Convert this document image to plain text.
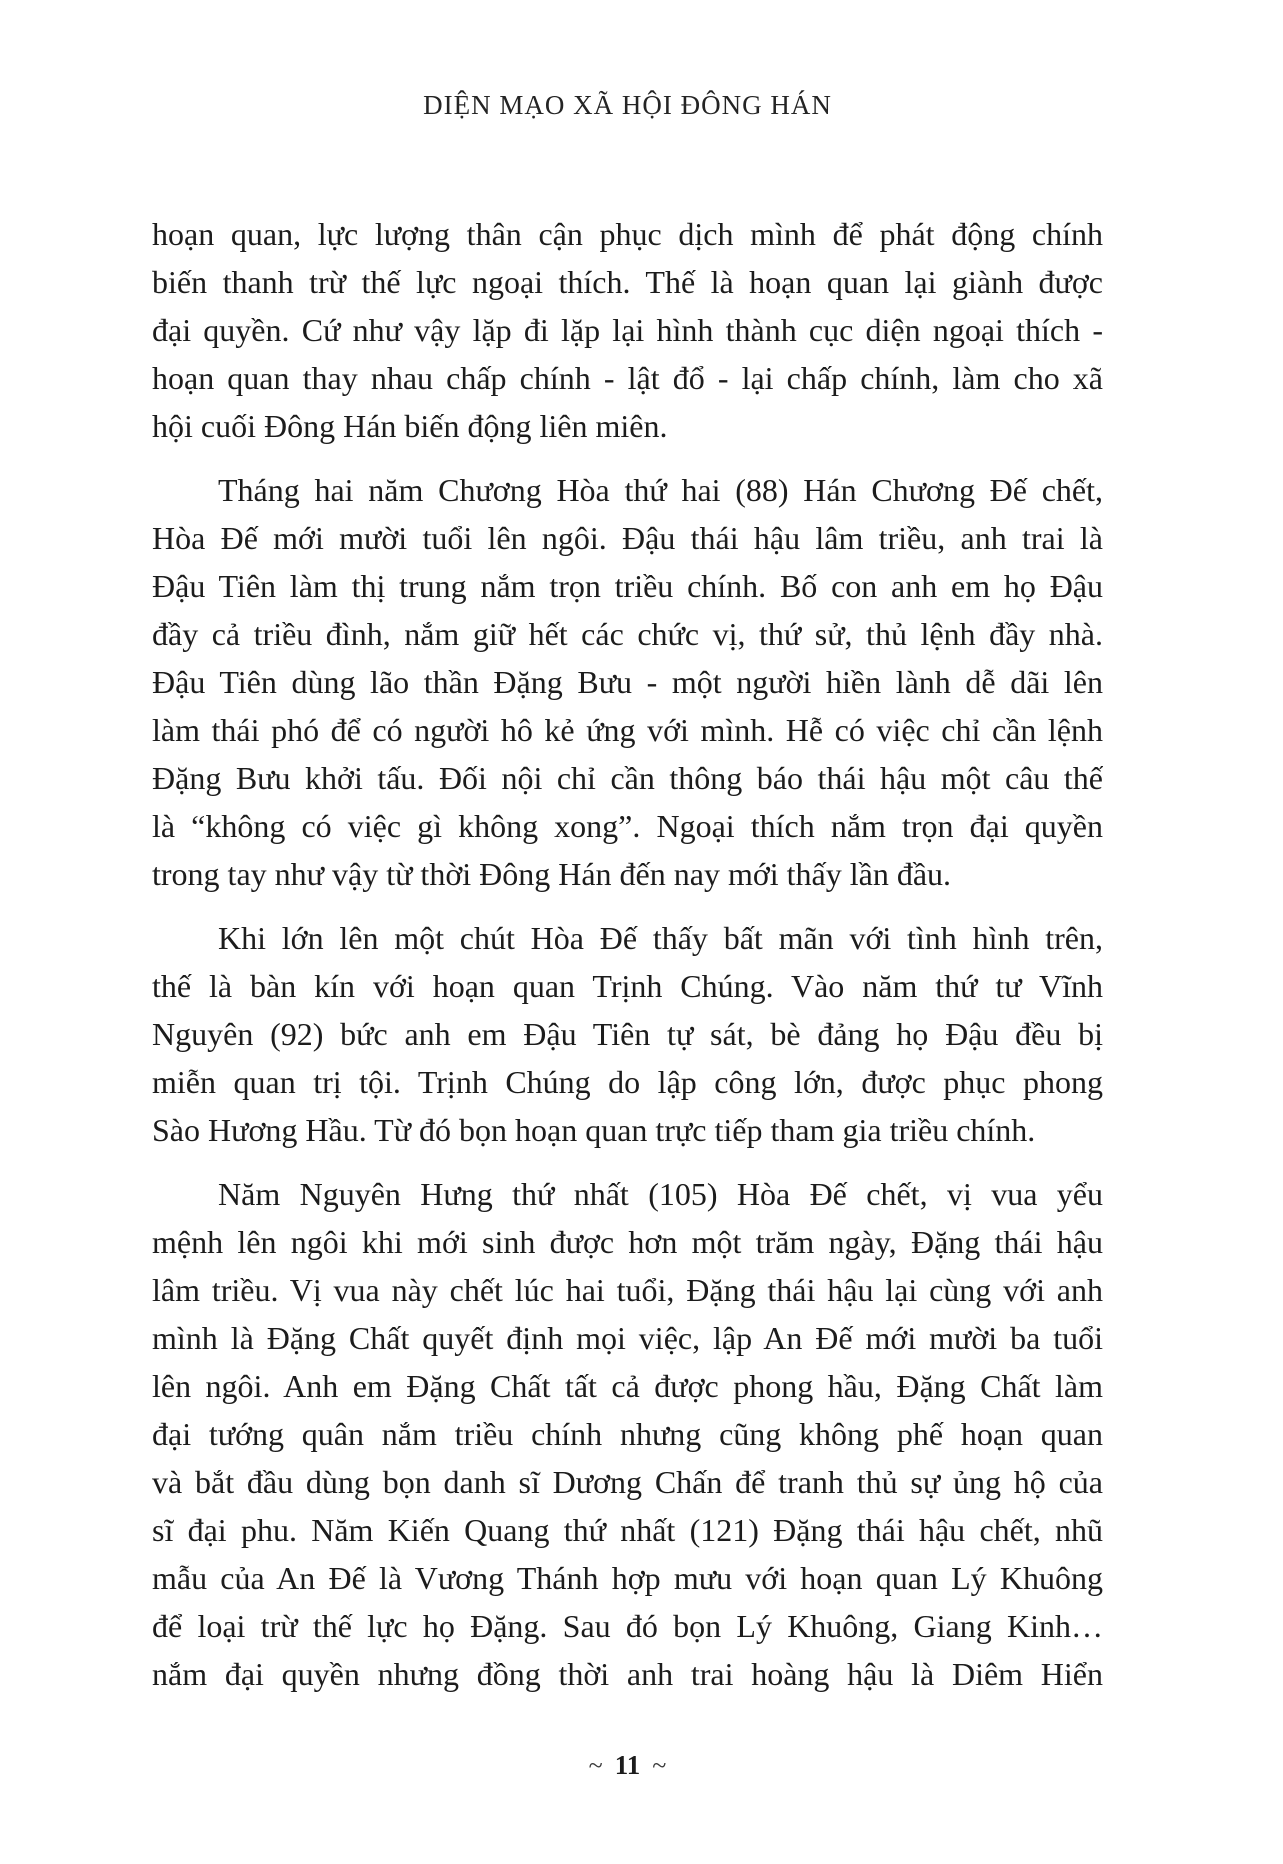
DIỆN MẠO XÃ HỘI ĐÔNG HÁN
hoạn quan, lực lượng thân cận phục dịch mình để phát động chính
biến thanh trừ thế lực ngoại thích. Thế là hoạn quan lại giành được
đại quyền. Cứ như vậy lặp đi lặp lại hình thành cục diện ngoại thích -
hoạn quan thay nhau chấp chính - lật đổ - lại chấp chính, làm cho xã
hội cuối Đông Hán biến động liên miên.
Tháng hai năm Chương Hòa thứ hai (88) Hán Chương Đế chết,
Hòa Đế mới mười tuổi lên ngôi. Đậu thái hậu lâm triều, anh trai là
Đậu Tiên làm thị trung nắm trọn triều chính. Bố con anh em họ Đậu
đầy cả triều đình, nắm giữ hết các chức vị, thứ sử, thủ lệnh đầy nhà.
Đậu Tiên dùng lão thần Đặng Bưu - một người hiền lành dễ dãi lên
làm thái phó để có người hô kẻ ứng với mình. Hễ có việc chỉ cần lệnh
Đặng Bưu khởi tấu. Đối nội chỉ cần thông báo thái hậu một câu thế
là “không có việc gì không xong”. Ngoại thích nắm trọn đại quyền
trong tay như vậy từ thời Đông Hán đến nay mới thấy lần đầu.
Khi lớn lên một chút Hòa Đế thấy bất mãn với tình hình trên,
thế là bàn kín với hoạn quan Trịnh Chúng. Vào năm thứ tư Vĩnh
Nguyên (92) bức anh em Đậu Tiên tự sát, bè đảng họ Đậu đều bị
miễn quan trị tội. Trịnh Chúng do lập công lớn, được phục phong
Sào Hương Hầu. Từ đó bọn hoạn quan trực tiếp tham gia triều chính.
Năm Nguyên Hưng thứ nhất (105) Hòa Đế chết, vị vua yểu
mệnh lên ngôi khi mới sinh được hơn một trăm ngày, Đặng thái hậu
lâm triều. Vị vua này chết lúc hai tuổi, Đặng thái hậu lại cùng với anh
mình là Đặng Chất quyết định mọi việc, lập An Đế mới mười ba tuổi
lên ngôi. Anh em Đặng Chất tất cả được phong hầu, Đặng Chất làm
đại tướng quân nắm triều chính nhưng cũng không phế hoạn quan
và bắt đầu dùng bọn danh sĩ Dương Chấn để tranh thủ sự ủng hộ của
sĩ đại phu. Năm Kiến Quang thứ nhất (121) Đặng thái hậu chết, nhũ
mẫu của An Đế là Vương Thánh hợp mưu với hoạn quan Lý Khuông
để loại trừ thế lực họ Đặng. Sau đó bọn Lý Khuông, Giang Kinh…
nắm đại quyền nhưng đồng thời anh trai hoàng hậu là Diêm Hiển
~ 11 ~
